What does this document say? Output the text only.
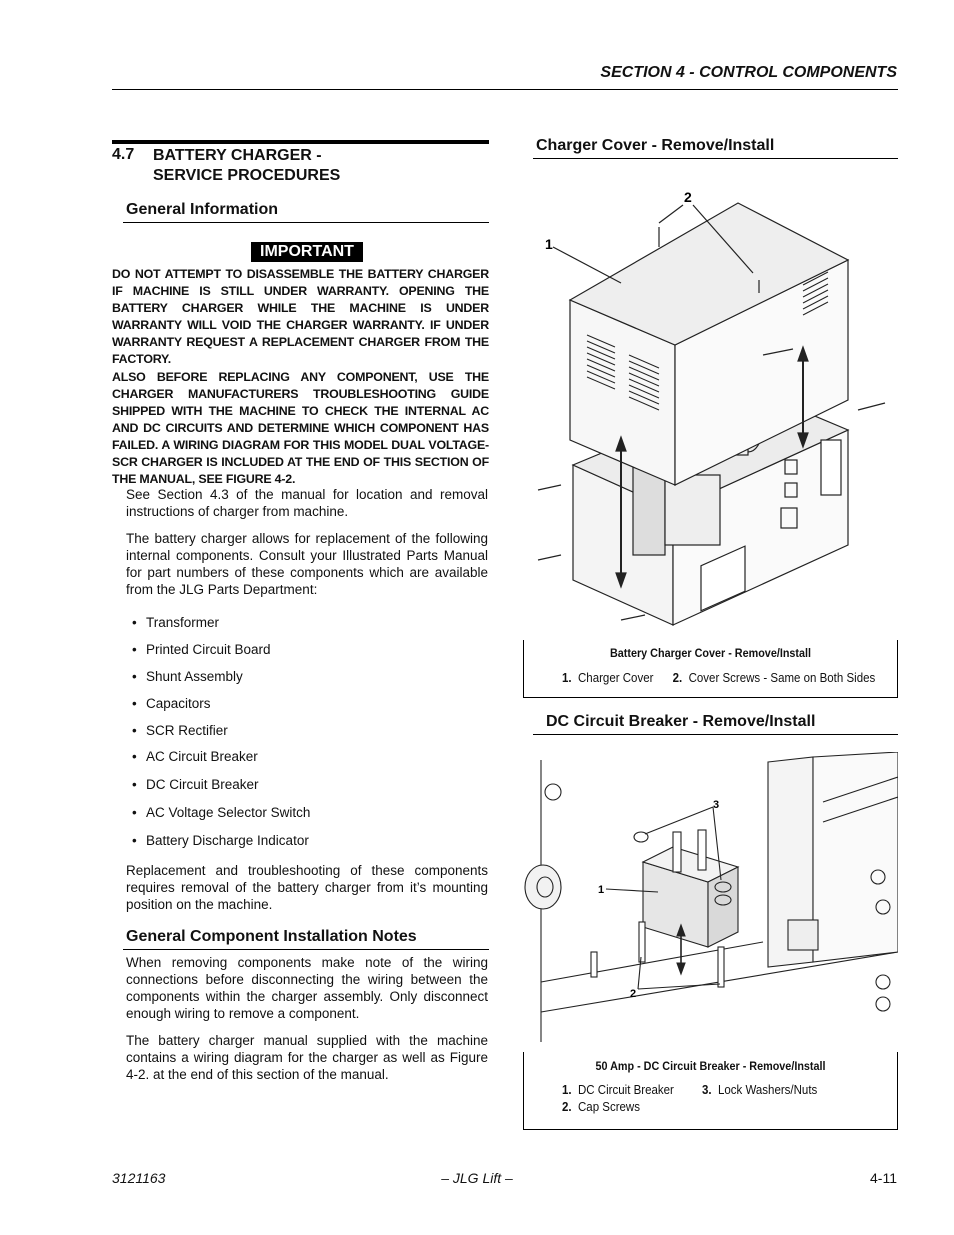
SECTION 4 - CONTROL COMPONENTS
4.7 BATTERY CHARGER -
SERVICE PROCEDURES
General Information
IMPORTANT
DO NOT ATTEMPT TO DISASSEMBLE THE BATTERY CHARGER IF MACHINE IS STILL UNDER WARRANTY. OPENING THE BATTERY CHARGER WHILE THE MACHINE IS UNDER WARRANTY WILL VOID THE CHARGER WARRANTY. IF UNDER WARRANTY REQUEST A REPLACEMENT CHARGER FROM THE FACTORY.
ALSO BEFORE REPLACING ANY COMPONENT, USE THE CHARGER MANUFACTURERS TROUBLESHOOTING GUIDE SHIPPED WITH THE MACHINE TO CHECK THE INTERNAL AC AND DC CIRCUITS AND DETERMINE WHICH COMPONENT HAS FAILED. A WIRING DIAGRAM FOR THIS MODEL DUAL VOLTAGE-SCR CHARGER IS INCLUDED AT THE END OF THIS SECTION OF THE MANUAL, SEE FIGURE 4-2.
See Section 4.3 of the manual for location and removal instructions of charger from machine.
The battery charger allows for replacement of the following internal components. Consult your Illustrated Parts Manual for part numbers of these components which are available from the JLG Parts Department:
• Transformer
• Printed Circuit Board
• Shunt Assembly
• Capacitors
• SCR Rectifier
• AC Circuit Breaker
• DC Circuit Breaker
• AC Voltage Selector Switch
• Battery Discharge Indicator
Replacement and troubleshooting of these components requires removal of the battery charger from it’s mounting position on the machine.
General Component Installation Notes
When removing components make note of the wiring connections before disconnecting the wiring between the components within the charger assembly. Only disconnect enough wiring to remove a component.
The battery charger manual supplied with the machine contains a wiring diagram for the charger as well as Figure 4-2. at the end of this section of the manual.
Charger Cover - Remove/Install
1
2
Battery Charger Cover - Remove/Install
1. Charger Cover 2. Cover Screws - Same on Both Sides
DC Circuit Breaker - Remove/Install
3
1
2
50 Amp - DC Circuit Breaker - Remove/Install
1. DC Circuit Breaker 3. Lock Washers/Nuts
2. Cap Screws
3121163	– JLG Lift –	4-11
